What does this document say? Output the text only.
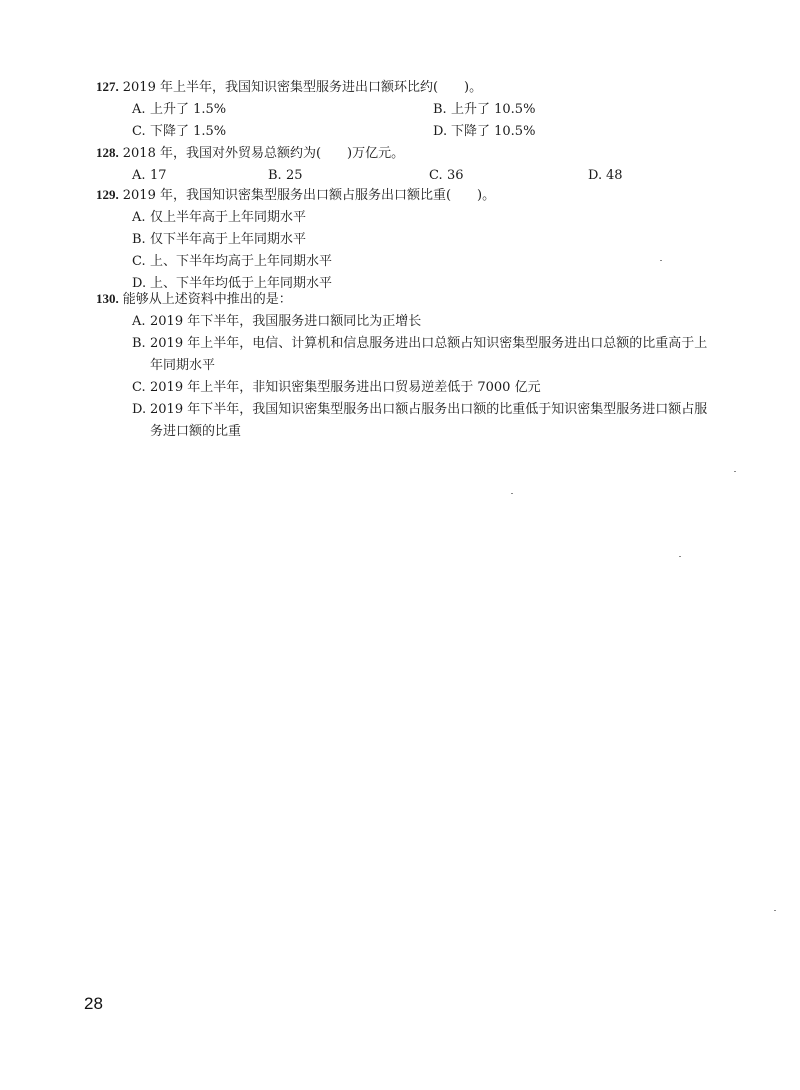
127. 2019 年上半年，我国知识密集型服务进出口额环比约(　　)。
A. 上升了 1.5%	B. 上升了 10.5%
C. 下降了 1.5%	D. 下降了 10.5%
128. 2018 年，我国对外贸易总额约为(　　)万亿元。
A. 17	B. 25	C. 36	D. 48
129. 2019 年，我国知识密集型服务出口额占服务出口额比重(　　)。
A. 仅上半年高于上年同期水平
B. 仅下半年高于上年同期水平
C. 上、下半年均高于上年同期水平
D. 上、下半年均低于上年同期水平
130. 能够从上述资料中推出的是：
A. 2019 年下半年，我国服务进口额同比为正增长
B. 2019 年上半年，电信、计算机和信息服务进出口总额占知识密集型服务进出口总额的比重高于上年同期水平
C. 2019 年上半年，非知识密集型服务进出口贸易逆差低于 7000 亿元
D. 2019 年下半年，我国知识密集型服务出口额占服务出口额的比重低于知识密集型服务进口额占服务进口额的比重
28
